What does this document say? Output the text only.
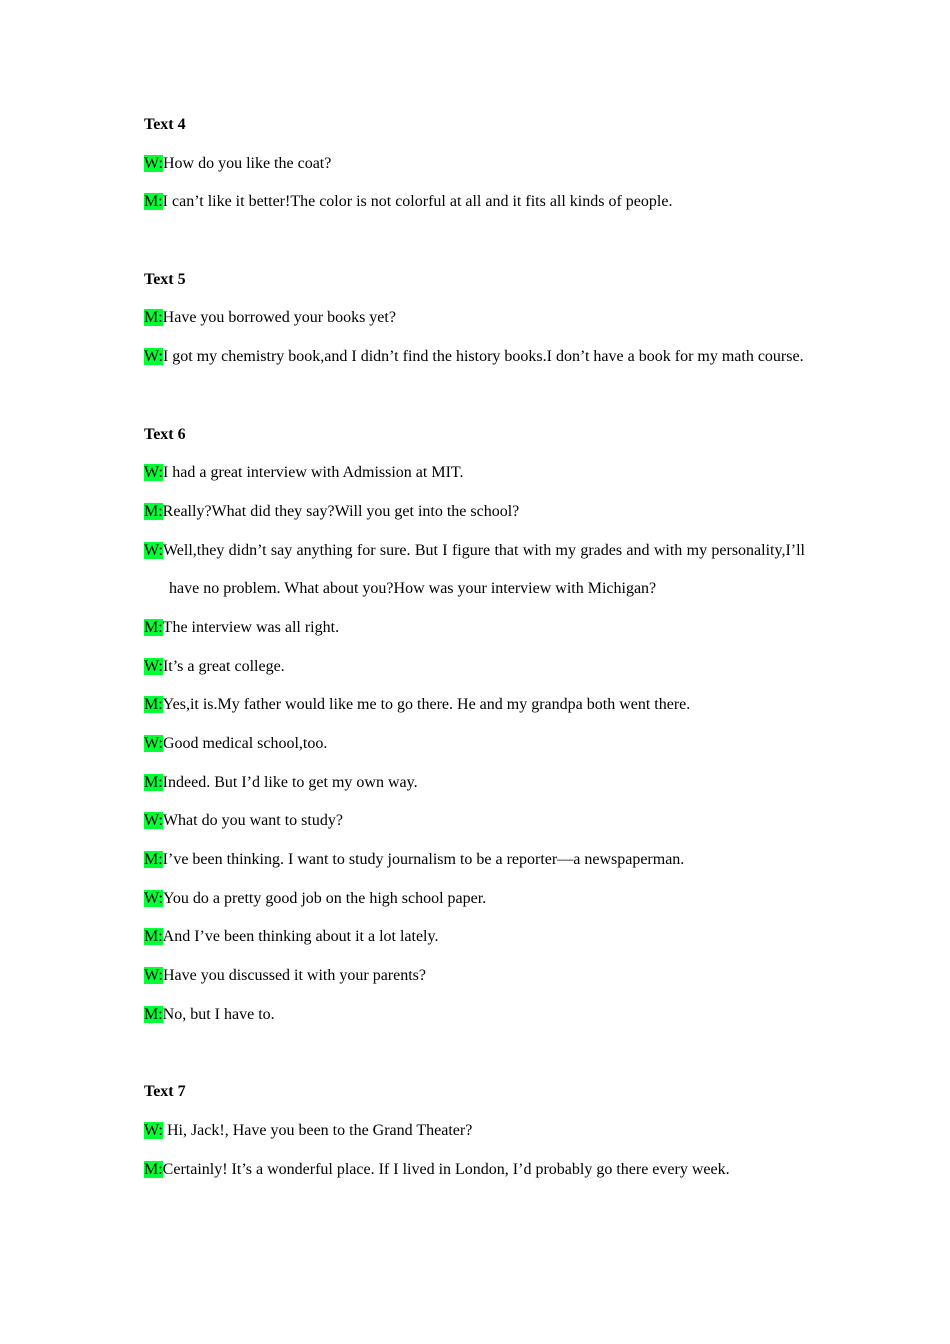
Text 4
W:How do you like the coat?
M:I can’t like it better!The color is not colorful at all and it fits all kinds of people.
Text 5
M:Have you borrowed your books yet?
W:I got my chemistry book,and I didn’t find the history books.I don’t have a book for my math course.
Text 6
W:I had a great interview with Admission at MIT.
M:Really?What did they say?Will you get into the school?
W:Well,they didn’t say anything for sure. But I figure that with my grades and with my personality,I’ll have no problem. What about you?How was your interview with Michigan?
M:The interview was all right.
W:It’s a great college.
M:Yes,it is.My father would like me to go there. He and my grandpa both went there.
W:Good medical school,too.
M:Indeed. But I’d like to get my own way.
W:What do you want to study?
M:I’ve been thinking. I want to study journalism to be a reporter—a newspaperman.
W:You do a pretty good job on the high school paper.
M:And I’ve been thinking about it a lot lately.
W:Have you discussed it with your parents?
M:No, but I have to.
Text 7
W: Hi, Jack!, Have you been to the Grand Theater?
M:Certainly! It’s a wonderful place. If I lived in London, I’d probably go there every week.
